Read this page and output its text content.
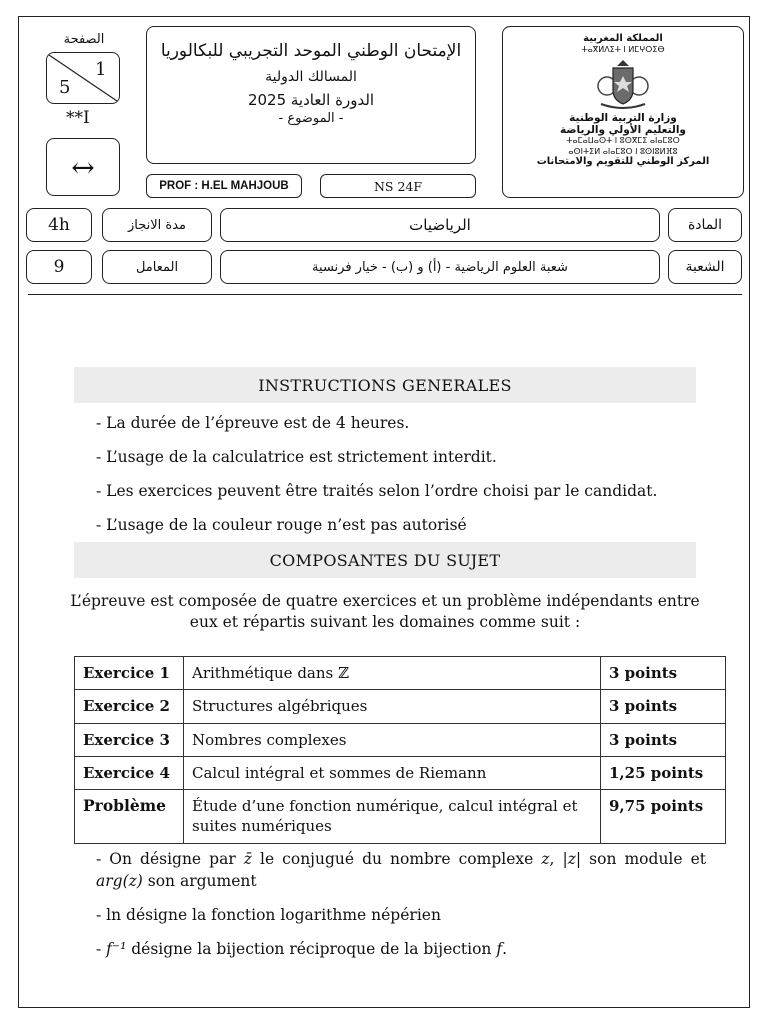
الصفحة
1
5
**I
↔
الإمتحان الوطني الموحد التجريبي للبكالوريا
المسالك الدولية
الدورة العادية 2025
- الموضوع -
PROF : H.EL MAHJOUB	NS 24F
المملكة المغربية
ⵜⴰⴳⵍⴷⵉⵜ ⵏ ⵍⵎⵖⵔⵉⴱ
وزارة التربية الوطنية
والتعليم الأولي والرياضة
ⵜⴰⵎⴰⵡⴰⵙⵜ ⵏ ⵓⵙⴳⵎⵉ ⴰⵏⴰⵎⵓⵔ
ⴰⵙⵏⵜⵉⵍ ⴰⵏⴰⵎⵓⵔ ⵏ ⵓⵙⵏⵓⵍⴼⵓ
المركز الوطني للتقويم والامتحانات
4h	مدة الانجاز	الرياضيات	المادة
9	المعامل	شعبة العلوم الرياضية - (أ) و (ب) - خيار فرنسية	الشعبة
INSTRUCTIONS GENERALES
- La durée de l’épreuve est de 4 heures.
- L’usage de la calculatrice est strictement interdit.
- Les exercices peuvent être traités selon l’ordre choisi par le candidat.
- L’usage de la couleur rouge n’est pas autorisé
COMPOSANTES DU SUJET
L’épreuve est composée de quatre exercices et un problème indépendants entre
eux et répartis suivant les domaines comme suit :
Exercice 1	Arithmétique dans ℤ	3 points
Exercice 2	Structures algébriques	3 points
Exercice 3	Nombres complexes	3 points
Exercice 4	Calcul intégral et sommes de Riemann	1,25 points
Problème	Étude d’une fonction numérique, calcul intégral et suites numériques	9,75 points
- On désigne par z̄ le conjugué du nombre complexe z, |z| son module et arg(z) son argument
- ln désigne la fonction logarithme népérien
- f⁻¹ désigne la bijection réciproque de la bijection f.
